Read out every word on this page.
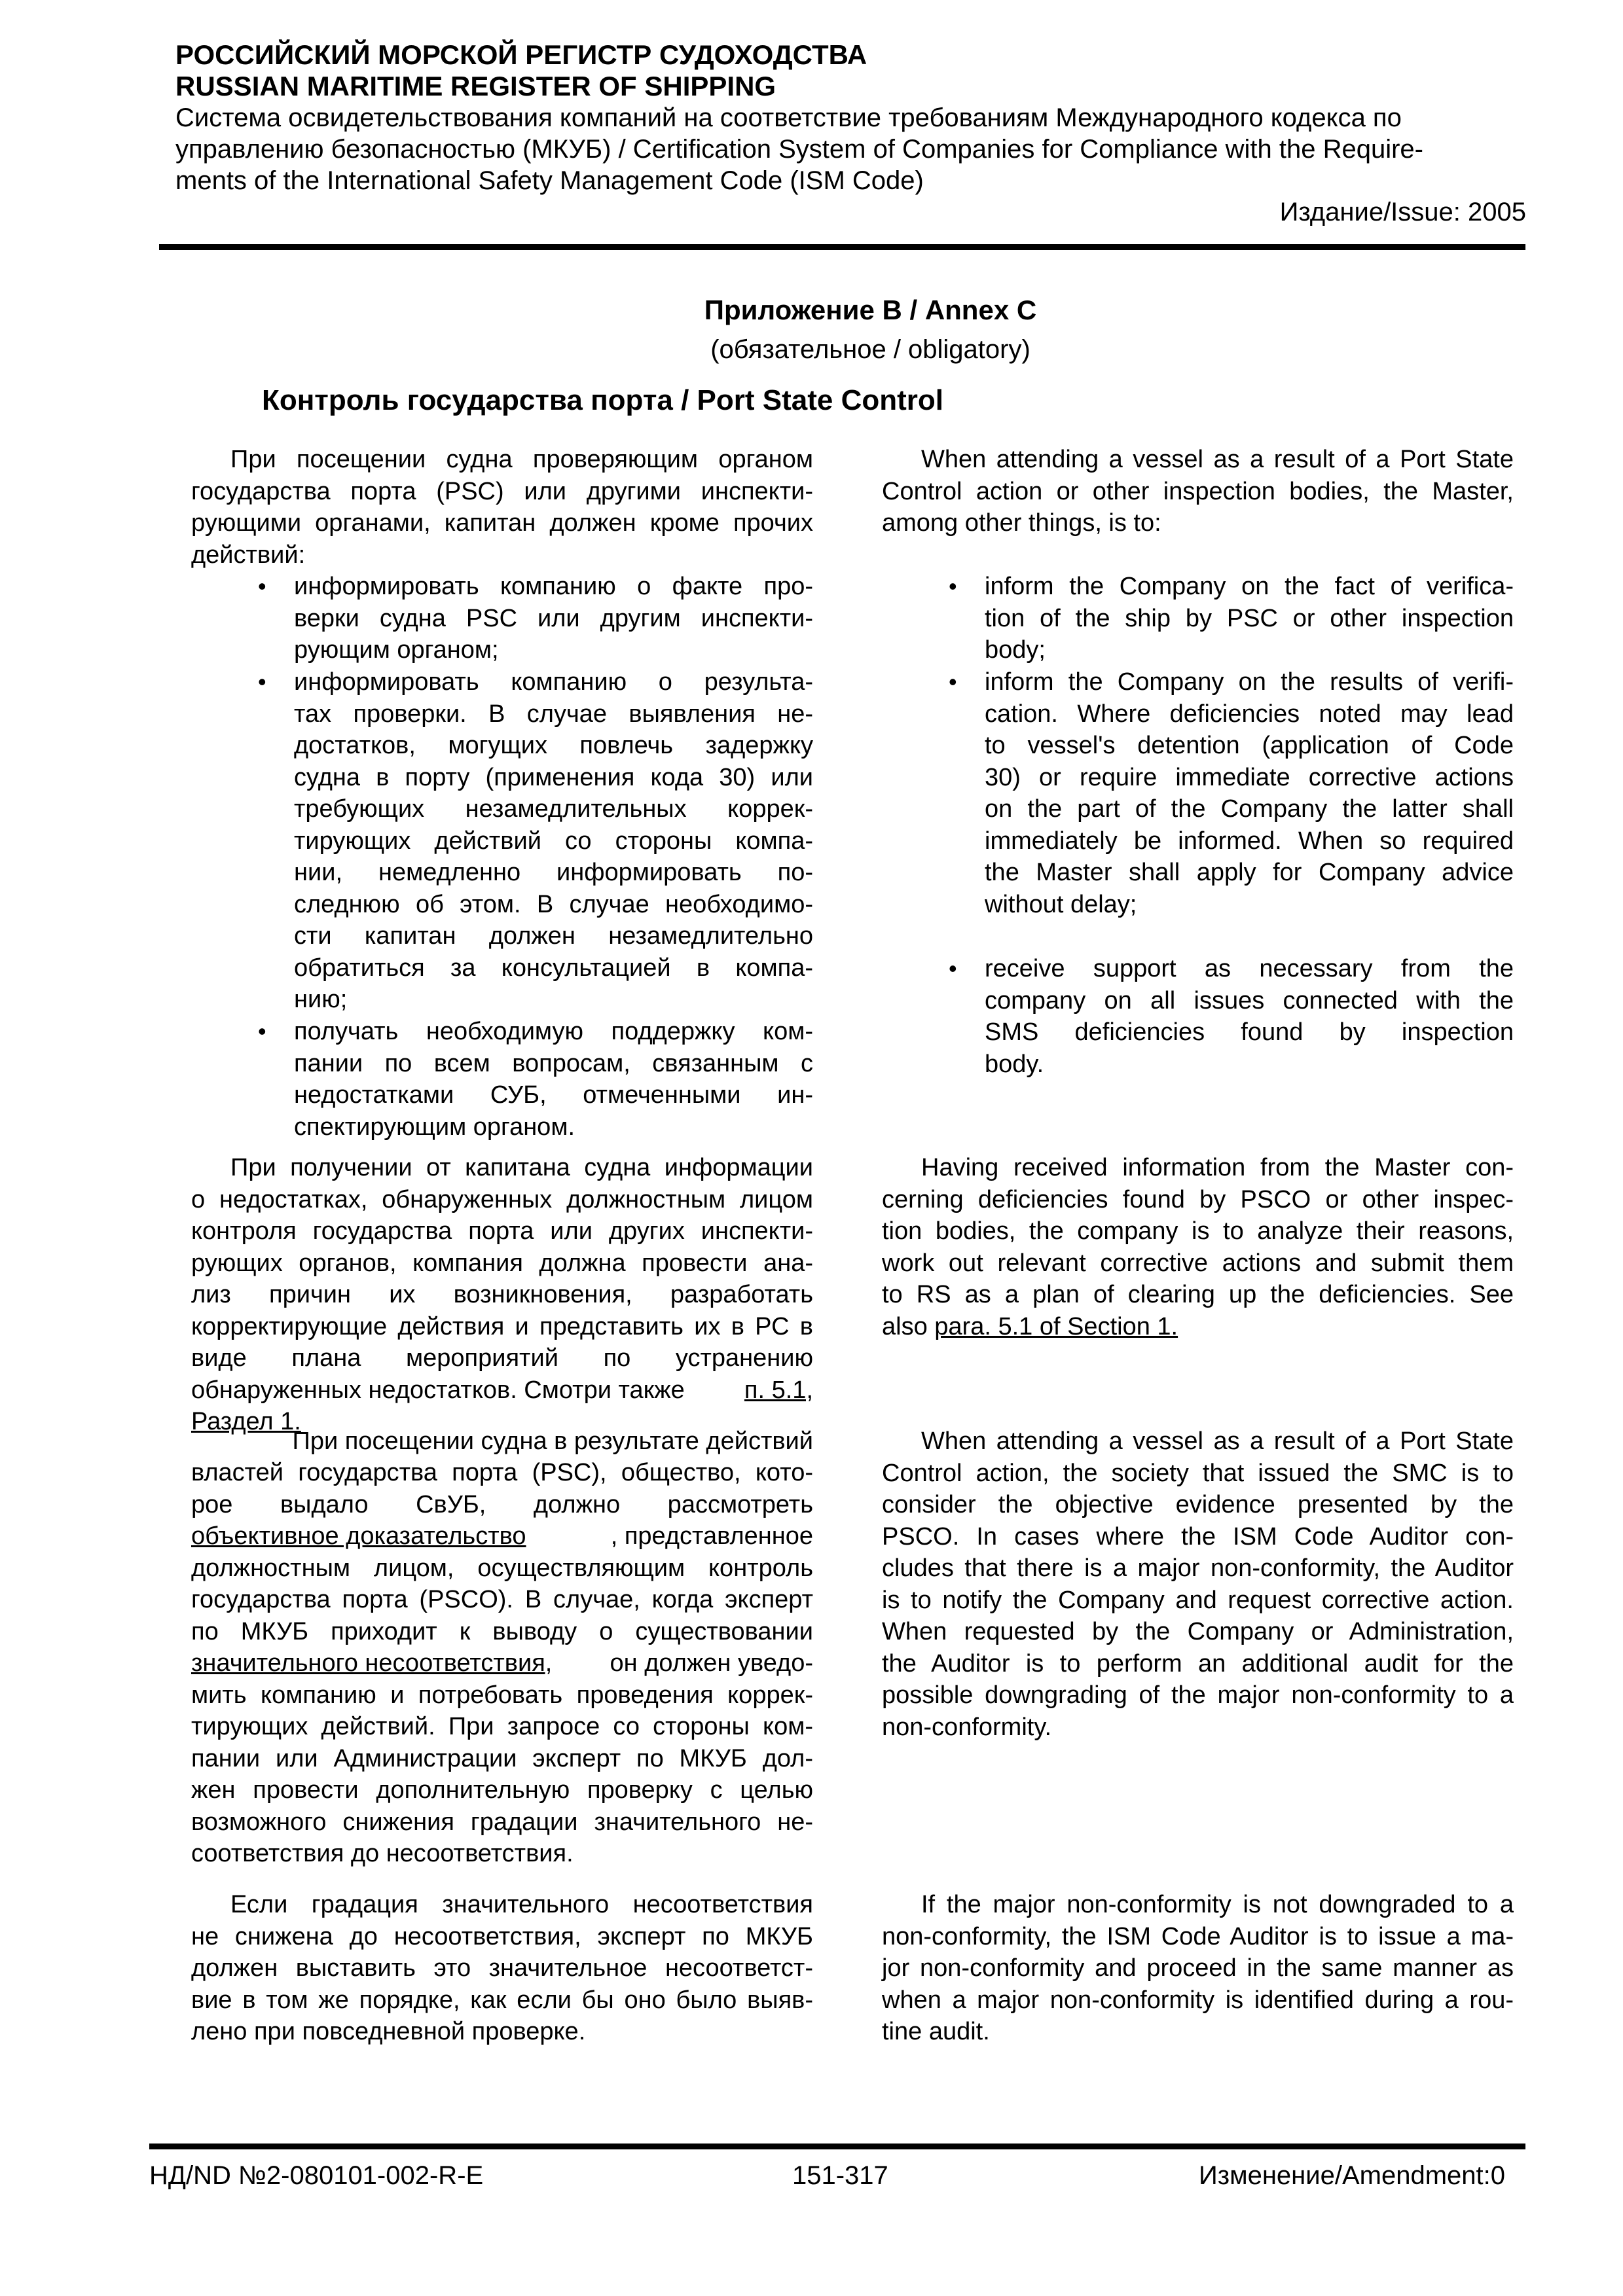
РОССИЙСКИЙ МОРСКОЙ РЕГИСТР СУДОХОДСТВА
RUSSIAN MARITIME REGISTER OF SHIPPING
Система освидетельствования компаний на соответствие требованиям Международного кодекса по
управлению безопасностью (МКУБ) / Certification System of Companies for Compliance with the Require-
ments of the International Safety Management Code (ISM Code)
Издание/Issue: 2005
Приложение В / Annex C
(обязательное / obligatory)
Контроль государства порта / Port State Control
При посещении судна проверяющим органом
государства порта (PSC) или другими инспекти-
рующими органами, капитан должен кроме прочих
действий:
• информировать компанию о факте про-
верки судна PSC или другим инспекти-
рующим органом;
• информировать компанию о результа-
тах проверки. В случае выявления не-
достатков, могущих повлечь задержку
судна в порту (применения кода 30) или
требующих незамедлительных коррек-
тирующих действий со стороны компа-
нии, немедленно информировать по-
следнюю об этом. В случае необходимо-
сти капитан должен незамедлительно
обратиться за консультацией в компа-
нию;
• получать необходимую поддержку ком-
пании по всем вопросам, связанным с
недостатками СУБ, отмеченными ин-
спектирующим органом.
При получении от капитана судна информации
о недостатках, обнаруженных должностным лицом
контроля государства порта или других инспекти-
рующих органов, компания должна провести ана-
лиз причин их возникновения, разработать
корректирующие действия и представить их в РС в
виде плана мероприятий по устранению
обнаруженных недостатков. Смотри также п. 5.1,
Раздел 1.
При посещении судна в результате действий
властей государства порта (PSC), общество, кото-
рое выдало СвУБ, должно рассмотреть
объективное доказательство	, представленное
должностным лицом, осуществляющим контроль
государства порта (PSCO). В случае, когда эксперт
по МКУБ приходит к выводу о существовании
значительного несоответствия, он должен уведо-
мить компанию и потребовать проведения коррек-
тирующих действий. При запросе со стороны ком-
пании или Администрации эксперт по МКУБ дол-
жен провести дополнительную проверку с целью
возможного снижения градации значительного не-
соответствия до несоответствия.
Если градация значительного несоответствия
не снижена до несоответствия, эксперт по МКУБ
должен выставить это значительное несоответст-
вие в том же порядке, как если бы оно было выяв-
лено при повседневной проверке.
When attending a vessel as a result of a Port State
Control action or other inspection bodies, the Master,
among other things, is to:
• inform the Company on the fact of verifica-
tion of the ship by PSC or other inspection
body;
• inform the Company on the results of verifi-
cation. Where deficiencies noted may lead
to vessel's detention (application of Code
30) or require immediate corrective actions
on the part of the Company the latter shall
immediately be informed. When so required
the Master shall apply for Company advice
without delay;
• receive support as necessary from the
company on all issues connected with the
SMS deficiencies found by inspection
body.
Having received information from the Master con-
cerning deficiencies found by PSCO or other inspec-
tion bodies, the company is to analyze their reasons,
work out relevant corrective actions and submit them
to RS as a plan of clearing up the deficiencies. See
also para. 5.1 of Section 1.
When attending a vessel as a result of a Port State
Control action, the society that issued the SMC is to
consider the objective evidence presented by the
PSCO. In cases where the ISM Code Auditor con-
cludes that there is a major non-conformity, the Auditor
is to notify the Company and request corrective action.
When requested by the Company or Administration,
the Auditor is to perform an additional audit for the
possible downgrading of the major non-conformity to a
non-conformity.
If the major non-conformity is not downgraded to a
non-conformity, the ISM Code Auditor is to issue a ma-
jor non-conformity and proceed in the same manner as
when a major non-conformity is identified during a rou-
tine audit.
НД/ND №2-080101-002-R-E	151-317	Изменение/Amendment:0
